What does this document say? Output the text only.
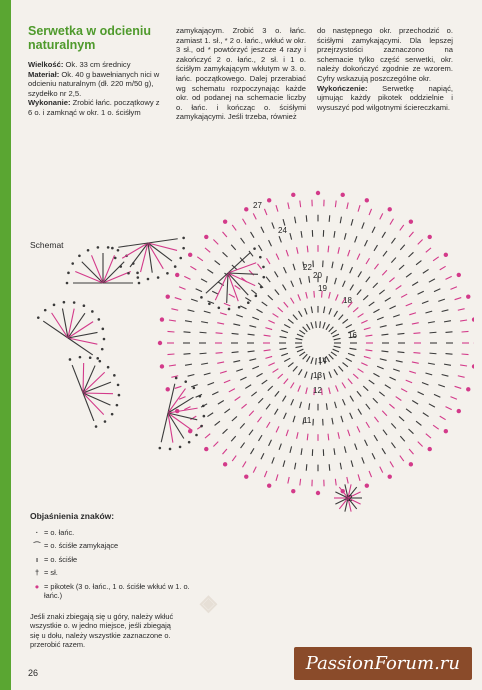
Serwetka w odcieniu naturalnym
Wielkość: Ok. 33 cm średnicy
Materiał: Ok. 40 g bawełnianych nici w odcieniu naturalnym (dł. 220 m/50 g), szydełko nr 2,5.
Wykonanie: Zrobić łańc. początkowy z 6 o. i zamknąć w okr. 1 o. ściśłym
zamykającym. Zrobić 3 o. łańc. zamiast 1. sł., * 2 o. łańc., wkłuć w okr. 3 sł., od * powtórzyć jeszcze 4 razy i zakończyć 2 o. łańc., 2 sł. i 1 o. ściśłym zamykającym wkłutym w 3. o. łańc. początkowego. Dalej przerabiać wg schematu rozpoczynając każde okr. od podanej na schemacie liczby o. łańc. i kończąc o. ściśłymi zamykającymi. Jeśli trzeba, również
do następnego okr. przechodzić o. ściśłymi zamykającymi. Dla lepszej przejrzystości zaznaczono na schemacie tylko część serwetki, okr. należy dokończyć zgodnie ze wzorem. Cyfry wskazują poszczególne okr.
Wykończenie: Serwetkę napiąć, ujmując każdy pikotek oddzielnie i wysuszyć pod wilgotnymi ściereczkami.
Schemat
27
24
22
20
19
18
16
14
13
12
11
2
◈
Objaśnienia znaków:
· = o. łańc.
⌒ = o. ściśłe zamykające
ı = o. ściśłe
† = sł.
● = pikotek (3 o. łańc., 1 o. ściśłe wkłuć w 1. o. łańc.)
Jeśli znaki zbiegają się u góry, należy wkłuć wszystkie o. w jedno miejsce, jeśli zbiegają się u dołu, należy wszystkie zaznaczone o. przerobić razem.
26	PassionForum.ru
